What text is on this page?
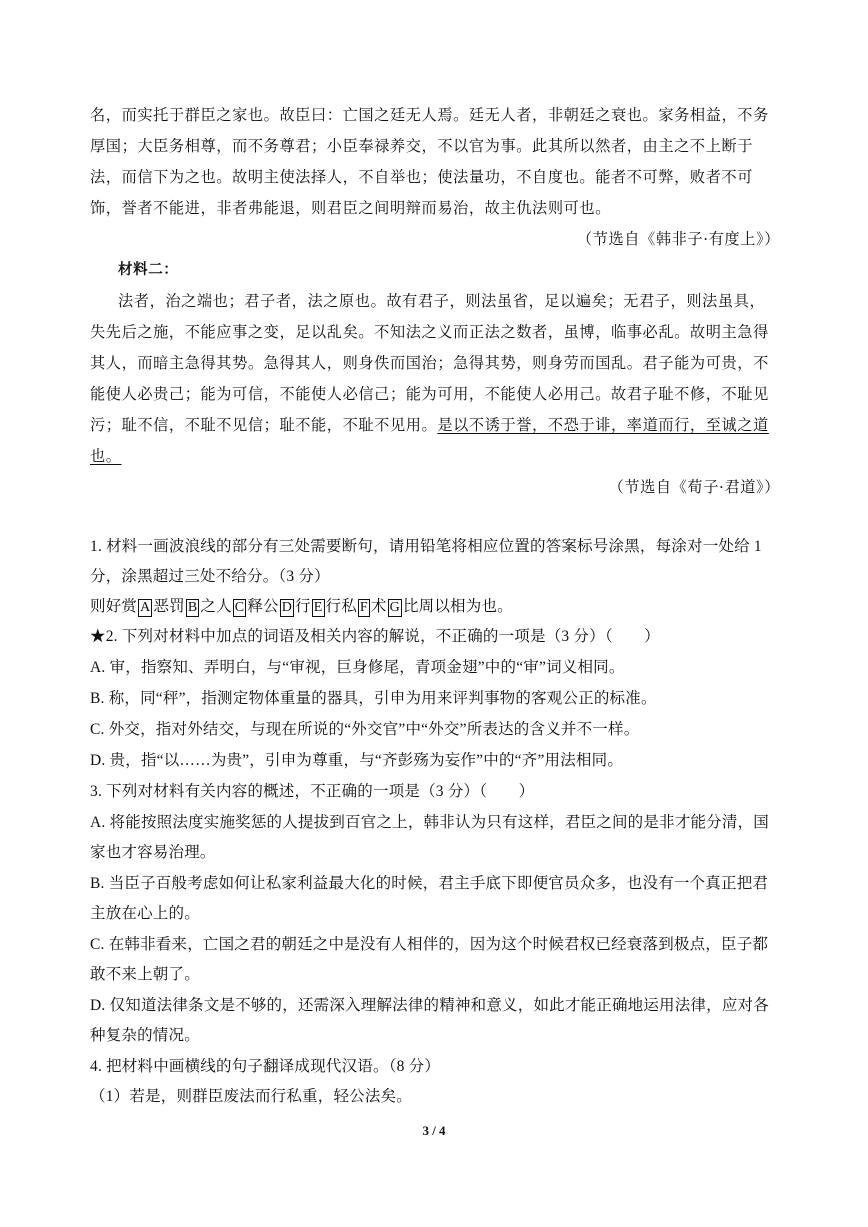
名，而实托于群臣之家也。故臣曰：亡国之廷无人焉。廷无人者，非朝廷之衰也。家务相益，不务
厚国；大臣务相尊，而不务尊君；小臣奉禄养交，不以官为事。此其所以然者，由主之不上断于
法，而信下为之也。故明主使法择人，不自举也；使法量功，不自度也。能者不可弊，败者不可
饰，誉者不能进，非者弗能退，则君臣之间明辩而易治，故主仇法则可也。
（节选自《韩非子·有度上》）
材料二：
法者，治之端也；君子者，法之原也。故有君子，则法虽省，足以遍矣；无君子，则法虽具，
失先后之施，不能应事之变，足以乱矣。不知法之义而正法之数者，虽博，临事必乱。故明主急得
其人，而暗主急得其势。急得其人，则身佚而国治；急得其势，则身劳而国乱。君子能为可贵，不
能使人必贵己；能为可信，不能使人必信己；能为可用，不能使人必用己。故君子耻不修，不耻见
污；耻不信，不耻不见信；耻不能，不耻不见用。是以不诱于誉，不恐于诽，率道而行，至诚之道
也。
（节选自《荀子·君道》）
1. 材料一画波浪线的部分有三处需要断句，请用铅笔将相应位置的答案标号涂黑，每涂对一处给 1
分，涂黑超过三处不给分。（3 分）
则好赏 A 恶罚 B 之人 C 释公 D 行 E 行私 F 术 G 比周以相为也。
★2. 下列对材料中加点的词语及相关内容的解说，不正确的一项是（3 分）（　　）
A. 审，指察知、弄明白，与“审视，巨身修尾，青项金翅”中的“审”词义相同。
B. 称，同“秤”，指测定物体重量的器具，引申为用来评判事物的客观公正的标准。
C. 外交，指对外结交，与现在所说的“外交官”中“外交”所表达的含义并不一样。
D. 贵，指“以……为贵”，引申为尊重，与“齐彭殇为妄作”中的“齐”用法相同。
3. 下列对材料有关内容的概述，不正确的一项是（3 分）（　　）
A. 将能按照法度实施奖惩的人提拔到百官之上，韩非认为只有这样，君臣之间的是非才能分清，国
家也才容易治理。
B. 当臣子百般考虑如何让私家利益最大化的时候，君主手底下即便官员众多，也没有一个真正把君
主放在心上的。
C. 在韩非看来，亡国之君的朝廷之中是没有人相伴的，因为这个时候君权已经衰落到极点，臣子都
敢不来上朝了。
D. 仅知道法律条文是不够的，还需深入理解法律的精神和意义，如此才能正确地运用法律，应对各
种复杂的情况。
4. 把材料中画横线的句子翻译成现代汉语。（8 分）
（1）若是，则群臣废法而行私重，轻公法矣。
3 / 4
